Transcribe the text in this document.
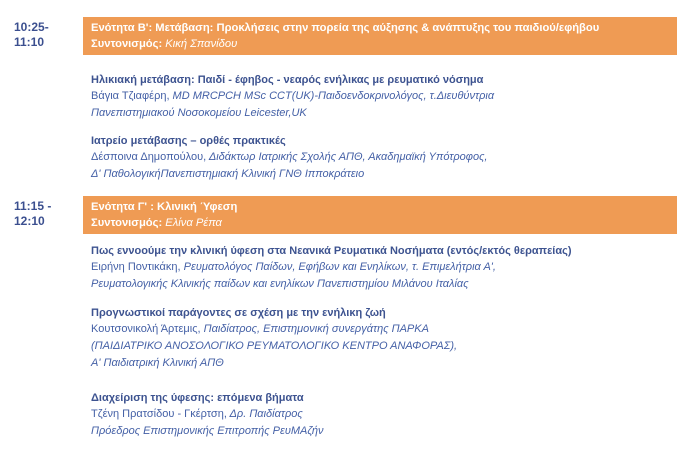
10:25-
11:10
Ενότητα Β': Μετάβαση: Προκλήσεις στην πορεία της αύξησης & ανάπτυξης του παιδιού/εφήβου
Συντονισμός: Κική Σπανίδου
Ηλικιακή μετάβαση: Παιδί - έφηβος - νεαρός ενήλικας με ρευματικό νόσημα
Βάγια Τζιαφέρη, MD MRCPCH MSc CCT(UK)-Παιδοενδοκρινολόγος, τ.Διευθύντρια
Πανεπιστημιακού Νοσοκομείου Leicester,UK
Ιατρείο μετάβασης – ορθές πρακτικές
Δέσποινα Δημοπούλου, Διδάκτωρ Ιατρικής Σχολής ΑΠΘ, Ακαδημαϊκή Υπότροφος,
Δ' ΠαθολογικήΠανεπιστημιακή Κλινική ΓΝΘ Ιπποκράτειο
11:15 -
12:10
Ενότητα Γ' : Κλινική Ύφεση
Συντονισμός: Ελίνα Ρέπα
Πως εννοούμε την κλινική ύφεση στα Νεανικά Ρευματικά Νοσήματα (εντός/εκτός θεραπείας)
Ειρήνη Ποντικάκη, Ρευματολόγος Παίδων, Εφήβων και Ενηλίκων, τ. Επιμελήτρια Α',
Ρευματολογικής Κλινικής παίδων και ενηλίκων Πανεπιστημίου Μιλάνου Ιταλίας
Προγνωστικοί παράγοντες σε σχέση με την ενήλικη ζωή
Κουτσονικολή Άρτεμις, Παιδίατρος, Επιστημονική συνεργάτης ΠΑΡΚΑ
(ΠΑΙΔΙΑΤΡΙΚΟ ΑΝΟΣΟΛΟΓΙΚΟ ΡΕΥΜΑΤΟΛΟΓΙΚΟ ΚΕΝΤΡΟ ΑΝΑΦΟΡΑΣ),
Α' Παιδιατρική Κλινική ΑΠΘ
Διαχείριση της ύφεσης: επόμενα βήματα
Τζένη Πρατσίδου - Γκέρτση, Δρ. Παιδίατρος
Πρόεδρος Επιστημονικής Επιτροπής ΡευΜΑζήν
